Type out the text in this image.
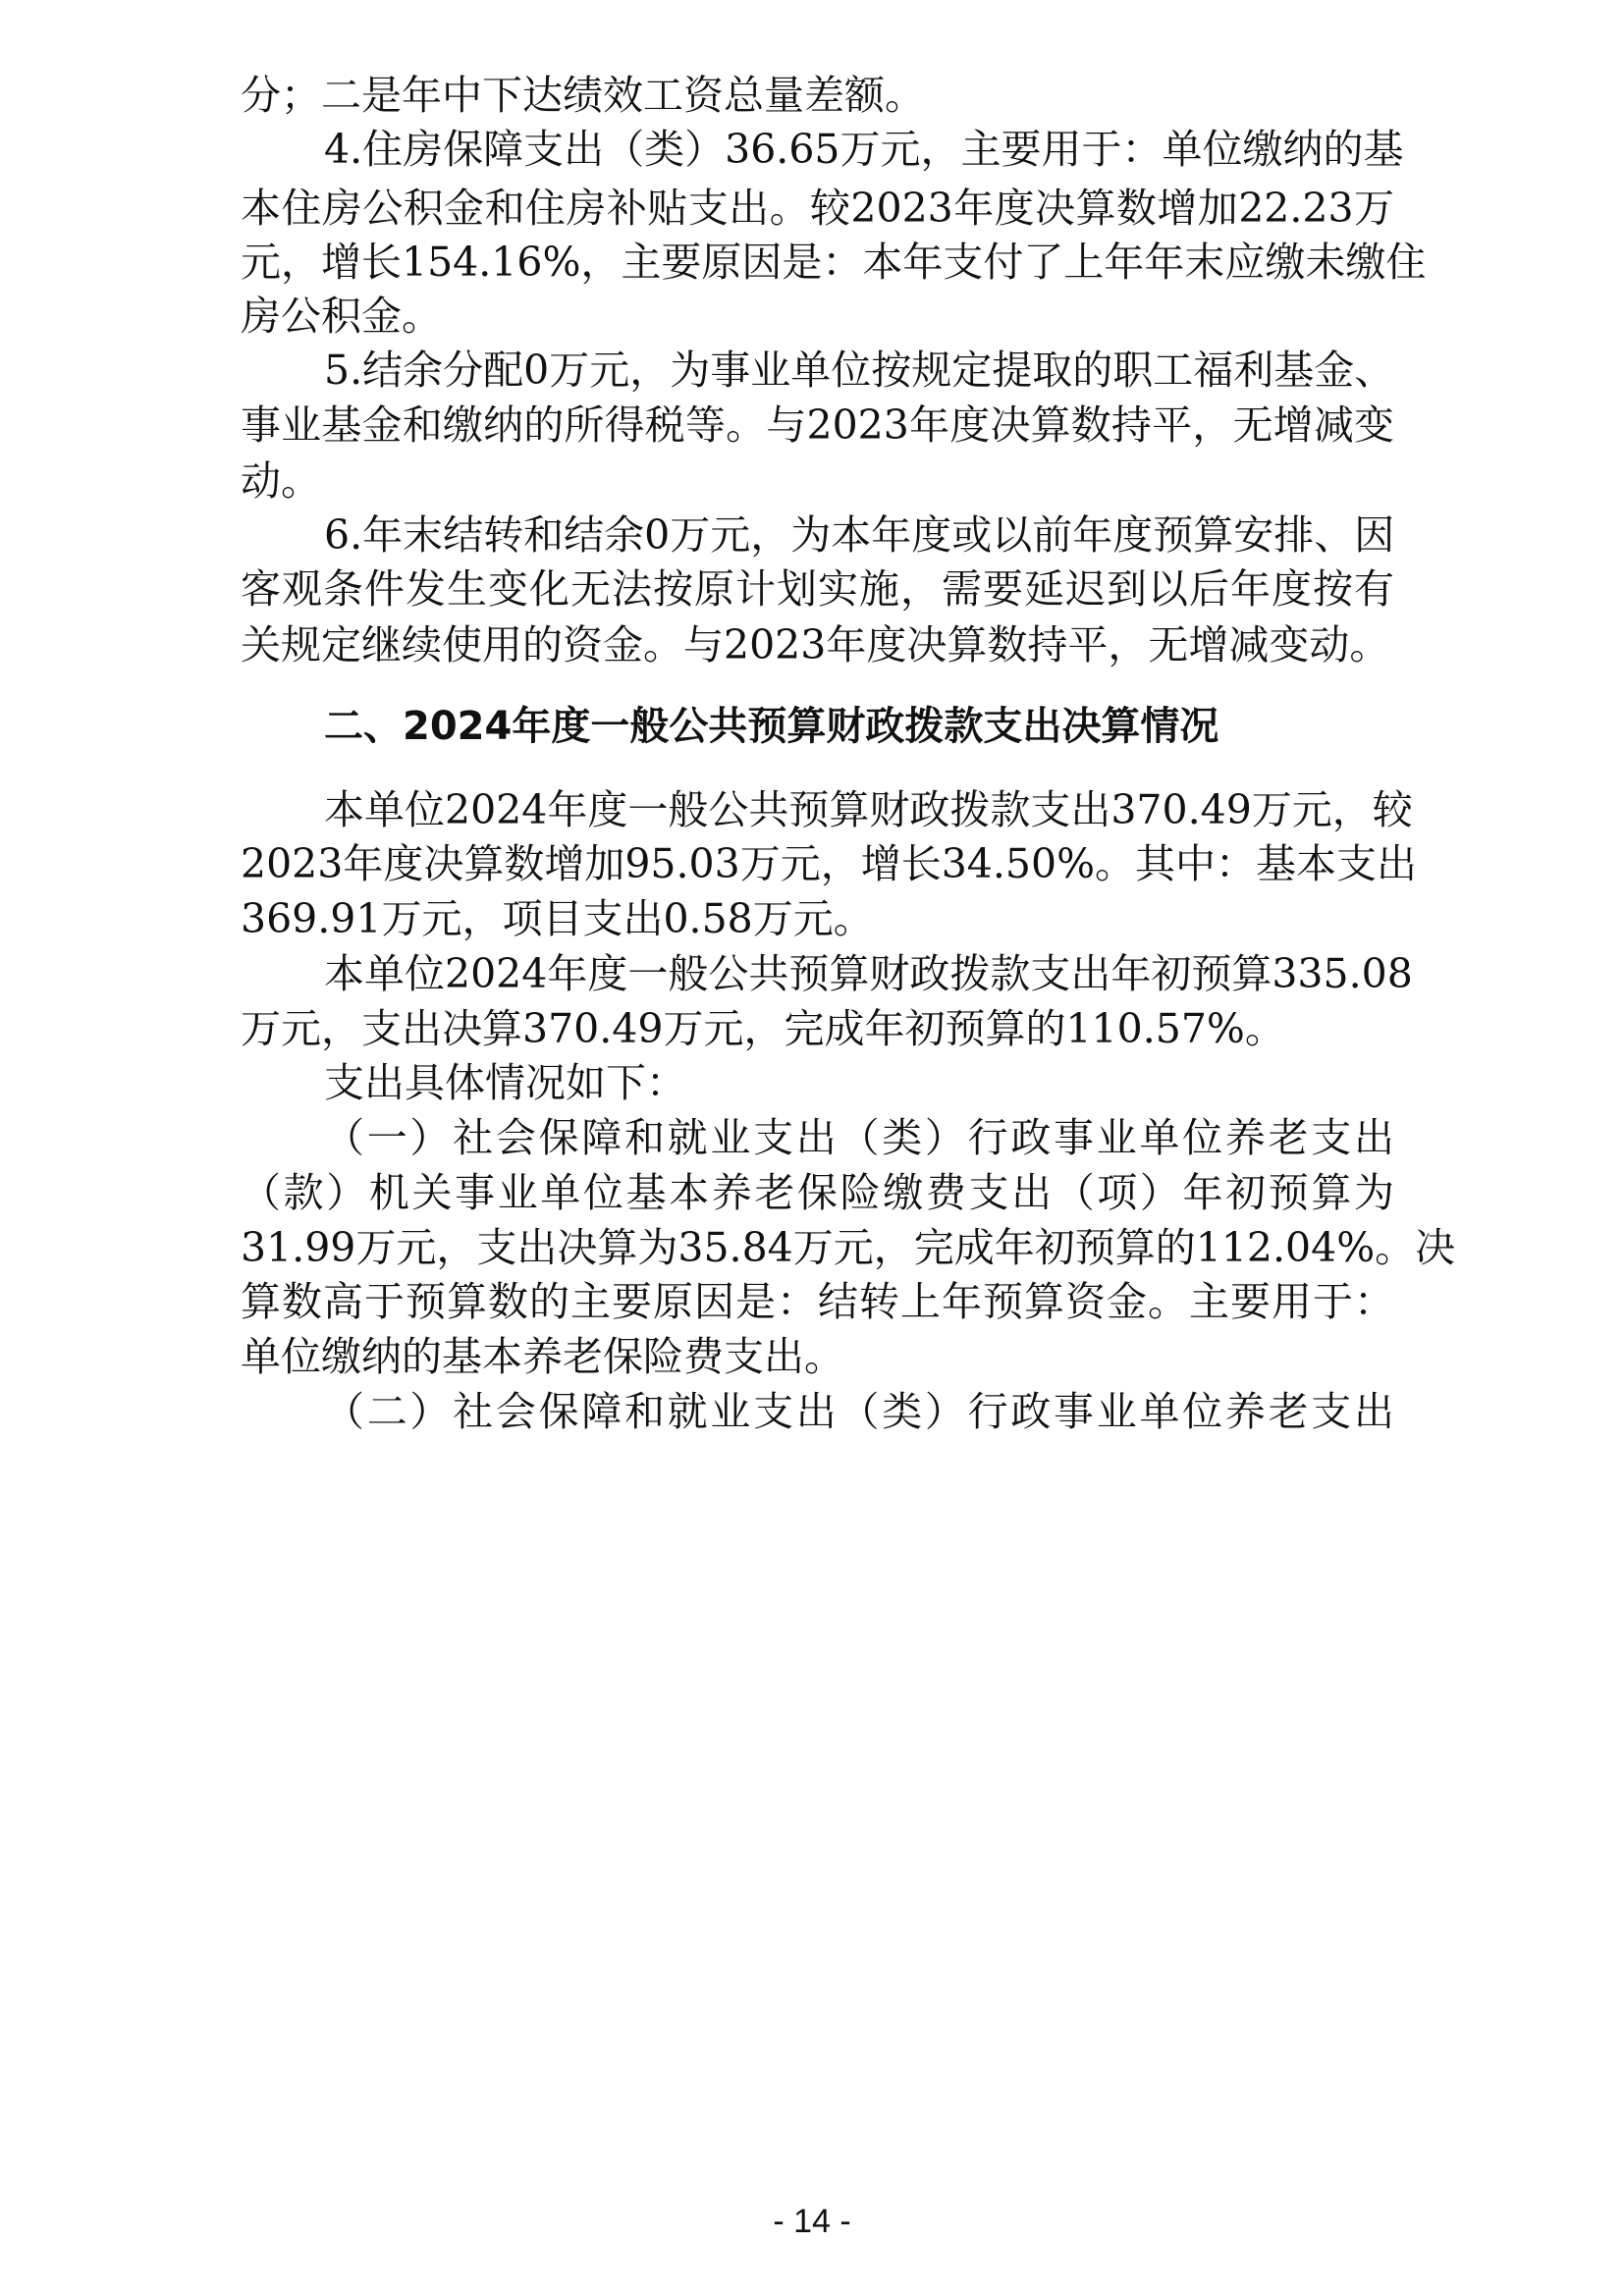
分；二是年中下达绩效工资总量差额。
4.住房保障支出（类）36.65万元，主要用于：单位缴纳的基
本住房公积金和住房补贴支出。较2023年度决算数增加22.23万
元，增长154.16%，主要原因是：本年支付了上年年末应缴未缴住
房公积金。
5.结余分配0万元，为事业单位按规定提取的职工福利基金、
事业基金和缴纳的所得税等。与2023年度决算数持平，无增减变
动。
6.年末结转和结余0万元，为本年度或以前年度预算安排、因
客观条件发生变化无法按原计划实施，需要延迟到以后年度按有
关规定继续使用的资金。与2023年度决算数持平，无增减变动。
二、2024年度一般公共预算财政拨款支出决算情况
本单位2024年度一般公共预算财政拨款支出370.49万元，较
2023年度决算数增加95.03万元，增长34.50%。其中：基本支出
369.91万元，项目支出0.58万元。
本单位2024年度一般公共预算财政拨款支出年初预算335.08
万元，支出决算370.49万元，完成年初预算的110.57%。
支出具体情况如下：
（一）社会保障和就业支出（类）行政事业单位养老支出
（款）机关事业单位基本养老保险缴费支出（项）年初预算为
31.99万元，支出决算为35.84万元，完成年初预算的112.04%。决
算数高于预算数的主要原因是：结转上年预算资金。主要用于：
单位缴纳的基本养老保险费支出。
（二）社会保障和就业支出（类）行政事业单位养老支出
- 14 -
